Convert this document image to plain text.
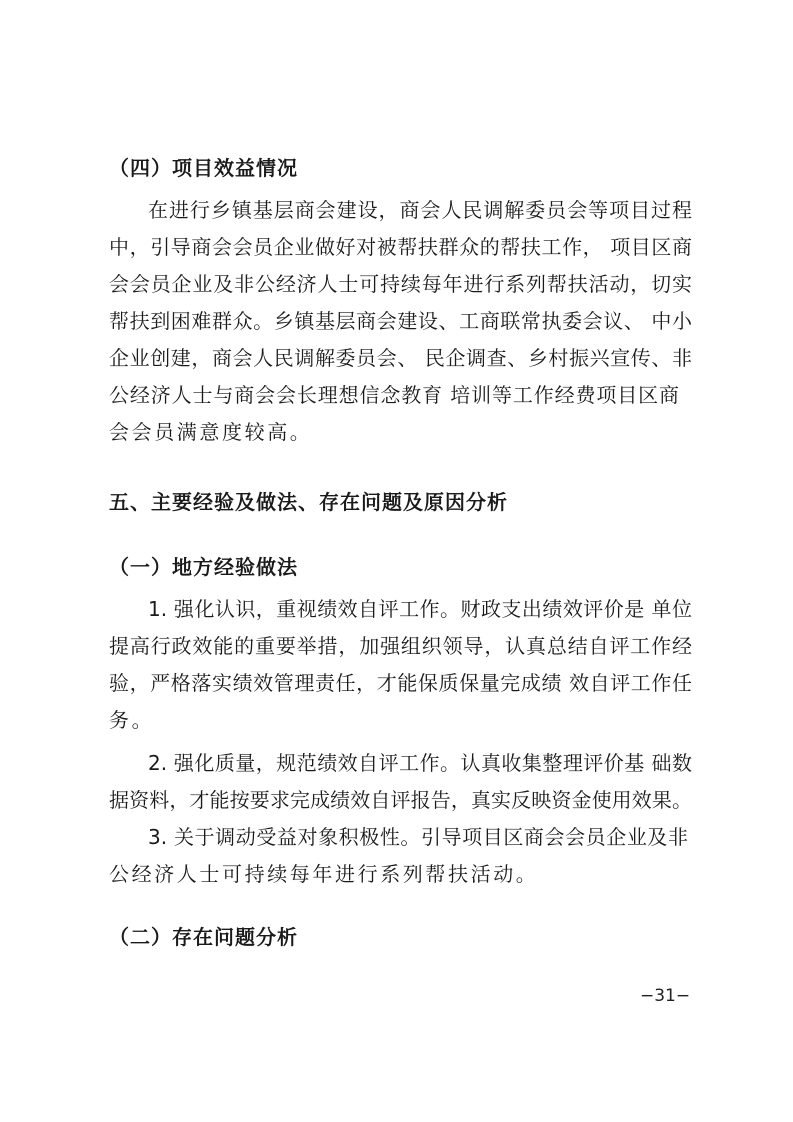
（四）项目效益情况
在进行乡镇基层商会建设，商会人民调解委员会等项目过程
中，引导商会会员企业做好对被帮扶群众的帮扶工作， 项目区商
会会员企业及非公经济人士可持续每年进行系列帮扶活动，切实
帮扶到困难群众。乡镇基层商会建设、工商联常执委会议、 中小
企业创建，商会人民调解委员会、 民企调查、乡村振兴宣传、非
公经济人士与商会会长理想信念教育 培训等工作经费项目区商
会会员满意度较高。
五、主要经验及做法、存在问题及原因分析
（一）地方经验做法
1. 强化认识，重视绩效自评工作。财政支出绩效评价是 单位
提高行政效能的重要举措，加强组织领导，认真总结自评工作经
验，严格落实绩效管理责任，才能保质保量完成绩 效自评工作任
务。
2. 强化质量，规范绩效自评工作。认真收集整理评价基 础数
据资料，才能按要求完成绩效自评报告，真实反映资金使用效果。
3. 关于调动受益对象积极性。引导项目区商会会员企业及非
公经济人士可持续每年进行系列帮扶活动。
（二）存在问题分析
−31−
